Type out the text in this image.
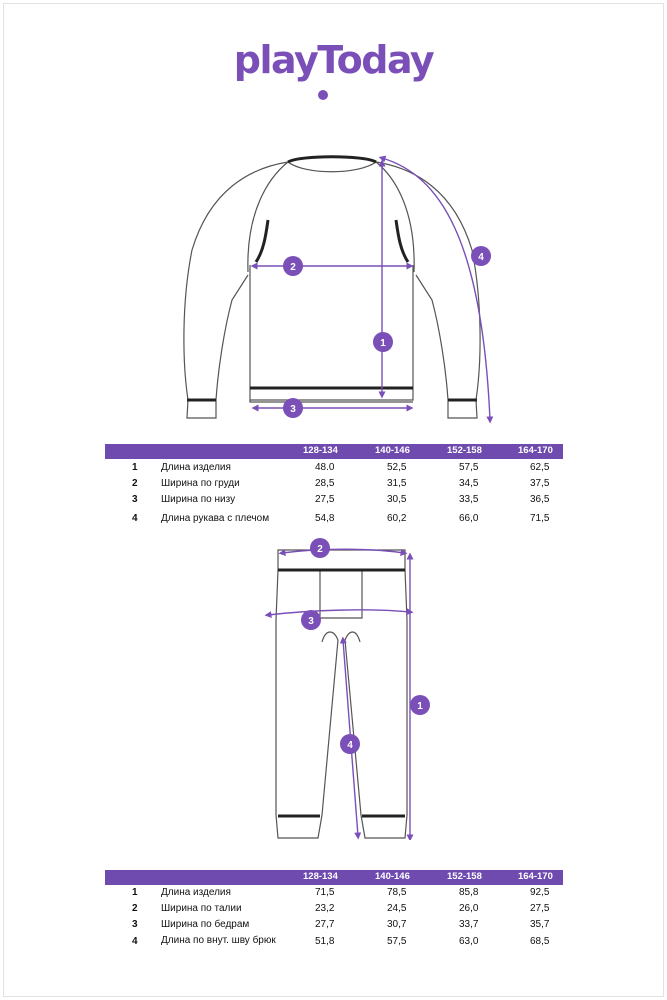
playToday
1
2
3
4
128-134	140-146	152-158	164-170
1 Длина изделия	48.0	52,5	57,5	62,5
2 Ширина по груди	28,5	31,5	34,5	37,5
3 Ширина по низу	27,5	30,5	33,5	36,5
4 Длина рукава с плечом	54,8	60,2	66,0	71,5
1
2
3
4
128-134	140-146	152-158	164-170
1 Длина изделия	71,5	78,5	85,8	92,5
2 Ширина по талии	23,2	24,5	26,0	27,5
3 Ширина по бедрам	27,7	30,7	33,7	35,7
4 Длина по внут. шву брюк	51,8	57,5	63,0	68,5
